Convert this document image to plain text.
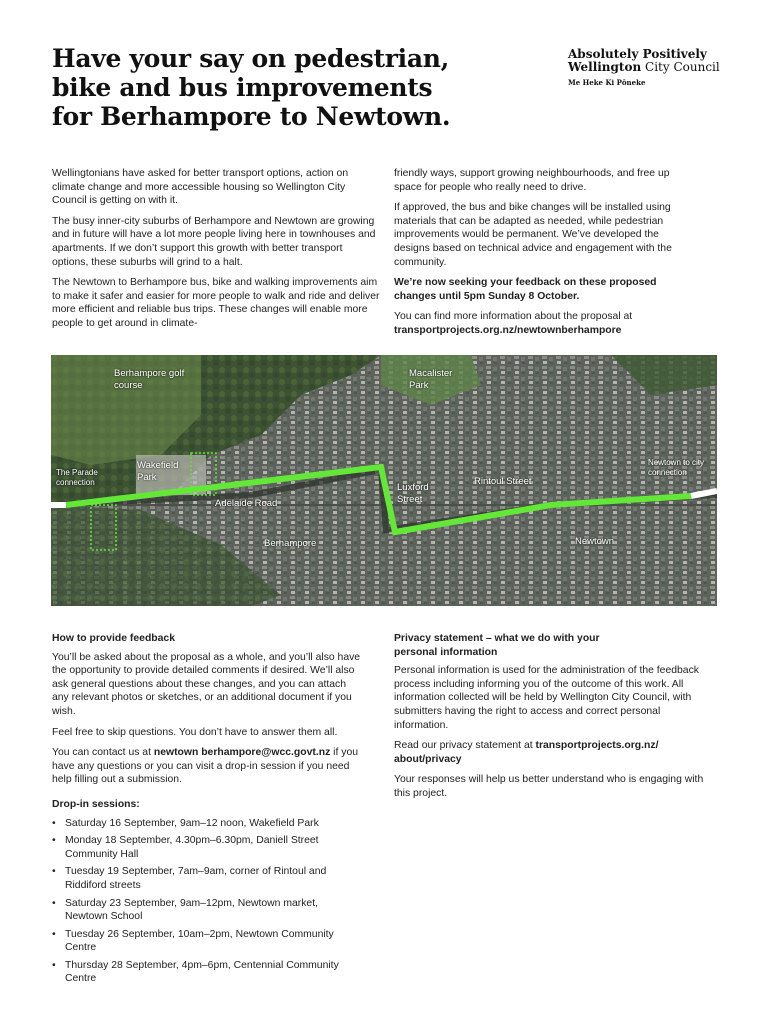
Have your say on pedestrian, bike and bus improvements for Berhampore to Newtown.
Absolutely Positively
Wellington City Council
Me Heke Ki Pōneke

Wellingtonians have asked for better transport options, action on climate change and more accessible housing so Wellington City Council is getting on with it.

The busy inner-city suburbs of Berhampore and Newtown are growing and in future will have a lot more people living here in townhouses and apartments. If we don’t support this growth with better transport options, these suburbs will grind to a halt.

The Newtown to Berhampore bus, bike and walking improvements aim to make it safer and easier for more people to walk and ride and deliver more efficient and reliable bus trips. These changes will enable more people to get around in climate-

friendly ways, support growing neighbourhoods, and free up space for people who really need to drive.

If approved, the bus and bike changes will be installed using materials that can be adapted as needed, while pedestrian improvements would be permanent. We’ve developed the designs based on technical advice and engagement with the community.

We’re now seeking your feedback on these proposed changes until 5pm Sunday 8 October.

You can find more information about the proposal at
transportprojects.org.nz/newtownberhampore

Berhampore golf course
Macalister Park
The Parade connection
Wakefield Park
Adelaide Road
Luxford Street
Rintoul Street
Newtown to city connection
Berhampore	Newtown
How to provide feedback

You’ll be asked about the proposal as a whole, and you’ll also have the opportunity to provide detailed comments if desired. We’ll also ask general questions about these changes, and you can attach any relevant photos or sketches, or an additional document if you wish.

Feel free to skip questions. You don’t have to answer them all.

You can contact us at newtown berhampore@wcc.govt.nz if you have any questions or you can visit a drop-in session if you need help filling out a submission.

Drop-in sessions:
• Saturday 16 September, 9am–12 noon, Wakefield Park
• Monday 18 September, 4.30pm–6.30pm, Daniell Street Community Hall
• Tuesday 19 September, 7am–9am, corner of Rintoul and Riddiford streets
• Saturday 23 September, 9am–12pm, Newtown market, Newtown School
• Tuesday 26 September, 10am–2pm, Newtown Community Centre
• Thursday 28 September, 4pm–6pm, Centennial Community Centre
Privacy statement – what we do with your personal information

Personal information is used for the administration of the feedback process including informing you of the outcome of this work. All information collected will be held by Wellington City Council, with submitters having the right to access and correct personal information.

Read our privacy statement at transportprojects.org.nz/ about/privacy

Your responses will help us better understand who is engaging with this project.
